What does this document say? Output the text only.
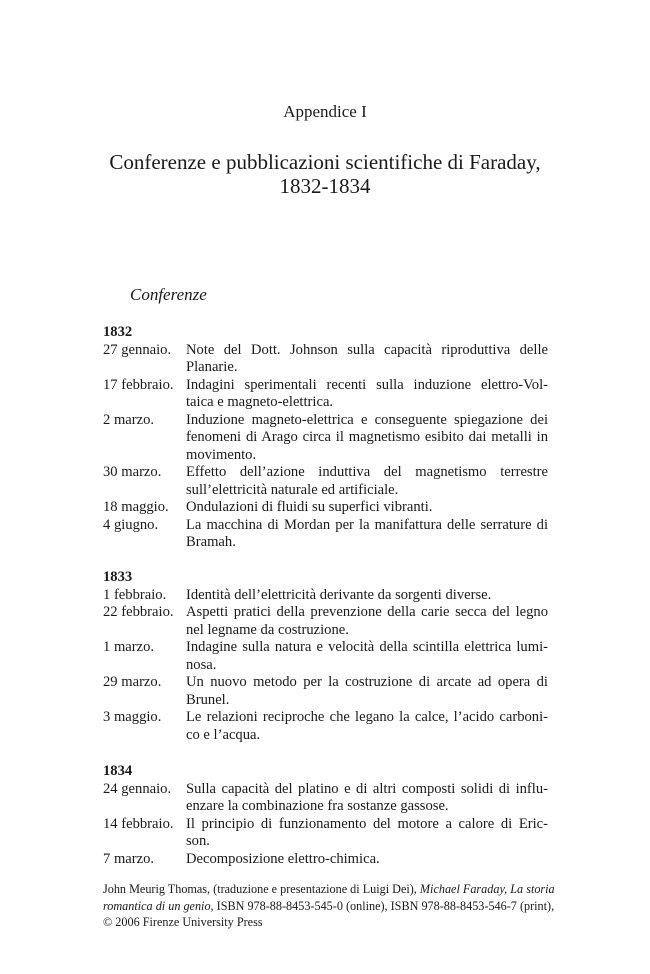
Appendice I
Conferenze e pubblicazioni scientifiche di Faraday,
1832-1834
Conferenze
1832
27 gennaio.	Note del Dott. Johnson sulla capacità riproduttiva delle
Planarie.
17 febbraio. Indagini sperimentali recenti sulla induzione elettro-Vol-
taica e magneto-elettrica.
2 marzo.	Induzione magneto-elettrica e conseguente spiegazione dei
fenomeni di Arago circa il magnetismo esibito dai metalli in
movimento.
30 marzo.	Effetto dell’azione induttiva del magnetismo terrestre
sull’elettricità naturale ed artificiale.
18 maggio.	Ondulazioni di fluidi su superfici vibranti.
4 giugno.	La macchina di Mordan per la manifattura delle serrature di
Bramah.
1833
1 febbraio.	Identità dell’elettricità derivante da sorgenti diverse.
22 febbraio. Aspetti pratici della prevenzione della carie secca del legno
nel legname da costruzione.
1 marzo.	Indagine sulla natura e velocità della scintilla elettrica lumi-
nosa.
29 marzo.	Un nuovo metodo per la costruzione di arcate ad opera di
Brunel.
3 maggio.	Le relazioni reciproche che legano la calce, l’acido carboni-
co e l’acqua.
1834
24 gennaio.	Sulla capacità del platino e di altri composti solidi di influ-
enzare la combinazione fra sostanze gassose.
14 febbraio. Il principio di funzionamento del motore a calore di Eric-
son.
7 marzo.	Decomposizione elettro-chimica.
John Meurig Thomas, (traduzione e presentazione di Luigi Dei), Michael Faraday, La storia
romantica di un genio, ISBN 978-88-8453-545-0 (online), ISBN 978-88-8453-546-7 (print),
© 2006 Firenze University Press
